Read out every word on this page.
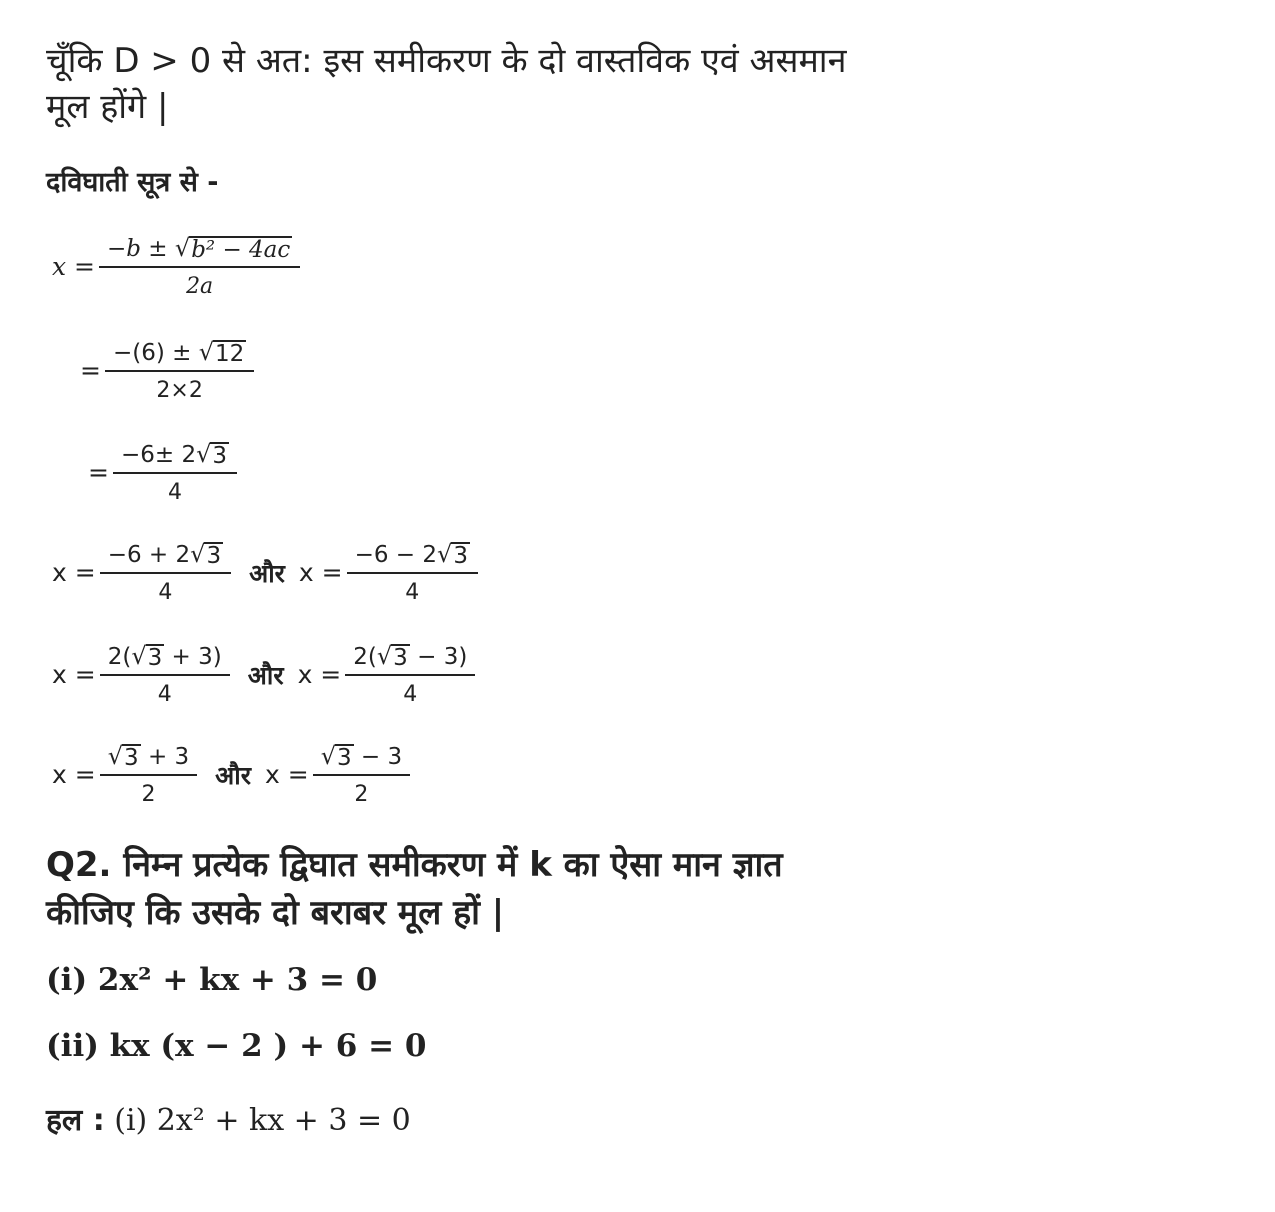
चूँकि D > 0 से अत: इस समीकरण के दो वास्तविक एवं असमान
मूल होंगे |
दविघाती सूत्र से -
$x = \frac{\text{−b ± √ b² − 4ac}}{2a}$
= $\frac{-(6) \pm √ 12}{2\times 2}$
= $\frac{-6\pm 2 √ 3}{4}$
$x = \frac{-6 + 2 √ 3}{4}$ और $x = \frac{-6 - 2 √ 3}{4}$
$x = \frac{2( √ 3 + 3)}{4}$ और $x = \frac{2( √ 3 - 3)}{4}$
$x = \frac{√ 3 + 3}{2}$ और $x = \frac{√ 3 - 3}{2}$
Q2. निम्न प्रत्येक द्विघात समीकरण में k का ऐसा मान ज्ञात
कीजिए कि उसके दो बराबर मूल हों |
(i) 2x² + kx + 3 = 0
(ii) kx (x − 2 ) + 6 = 0
हल : (i) 2x² + kx + 3 = 0
